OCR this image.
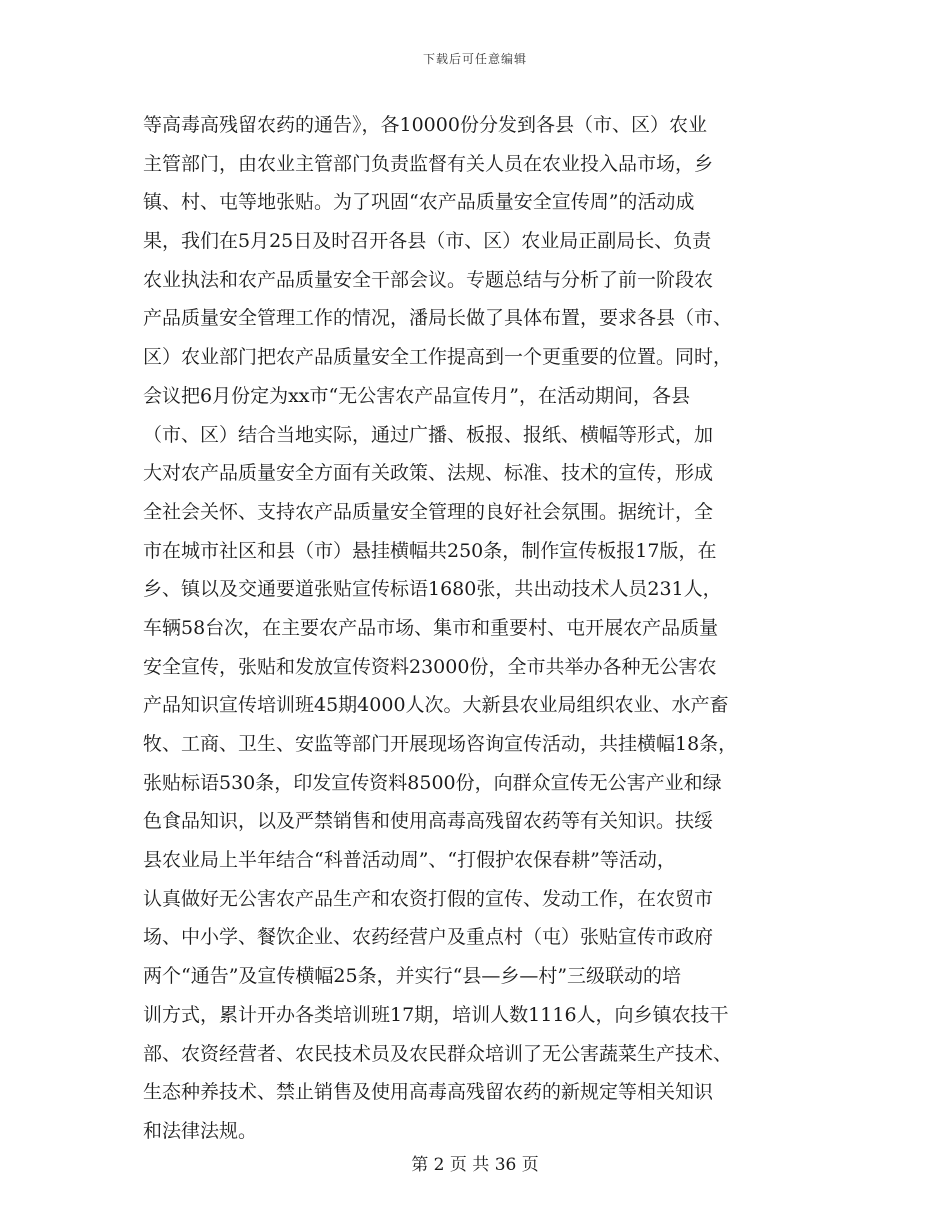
下载后可任意编辑
等高毒高残留农药的通告》，各10000份分发到各县（市、区）农业
主管部门，由农业主管部门负责监督有关人员在农业投入品市场，乡
镇、村、屯等地张贴。为了巩固“农产品质量安全宣传周”的活动成
果，我们在5月25日及时召开各县（市、区）农业局正副局长、负责
农业执法和农产品质量安全干部会议。专题总结与分析了前一阶段农
产品质量安全管理工作的情况，潘局长做了具体布置，要求各县（市、
区）农业部门把农产品质量安全工作提高到一个更重要的位置。同时，
会议把6月份定为xx市“无公害农产品宣传月”，在活动期间，各县
（市、区）结合当地实际，通过广播、板报、报纸、横幅等形式，加
大对农产品质量安全方面有关政策、法规、标准、技术的宣传，形成
全社会关怀、支持农产品质量安全管理的良好社会氛围。据统计，全
市在城市社区和县（市）悬挂横幅共250条，制作宣传板报17版，在
乡、镇以及交通要道张贴宣传标语1680张，共出动技术人员231人，
车辆58台次，在主要农产品市场、集市和重要村、屯开展农产品质量
安全宣传，张贴和发放宣传资料23000份，全市共举办各种无公害农
产品知识宣传培训班45期4000人次。大新县农业局组织农业、水产畜
牧、工商、卫生、安监等部门开展现场咨询宣传活动，共挂横幅18条，
张贴标语530条，印发宣传资料8500份，向群众宣传无公害产业和绿
色食品知识，以及严禁销售和使用高毒高残留农药等有关知识。扶绥
县农业局上半年结合“科普活动周”、“打假护农保春耕”等活动，
认真做好无公害农产品生产和农资打假的宣传、发动工作，在农贸市
场、中小学、餐饮企业、农药经营户及重点村（屯）张贴宣传市政府
两个“通告”及宣传横幅25条，并实行“县—乡—村”三级联动的培
训方式，累计开办各类培训班17期，培训人数1116人，向乡镇农技干
部、农资经营者、农民技术员及农民群众培训了无公害蔬菜生产技术、
生态种养技术、禁止销售及使用高毒高残留农药的新规定等相关知识
和法律法规。
第 2 页 共 36 页
